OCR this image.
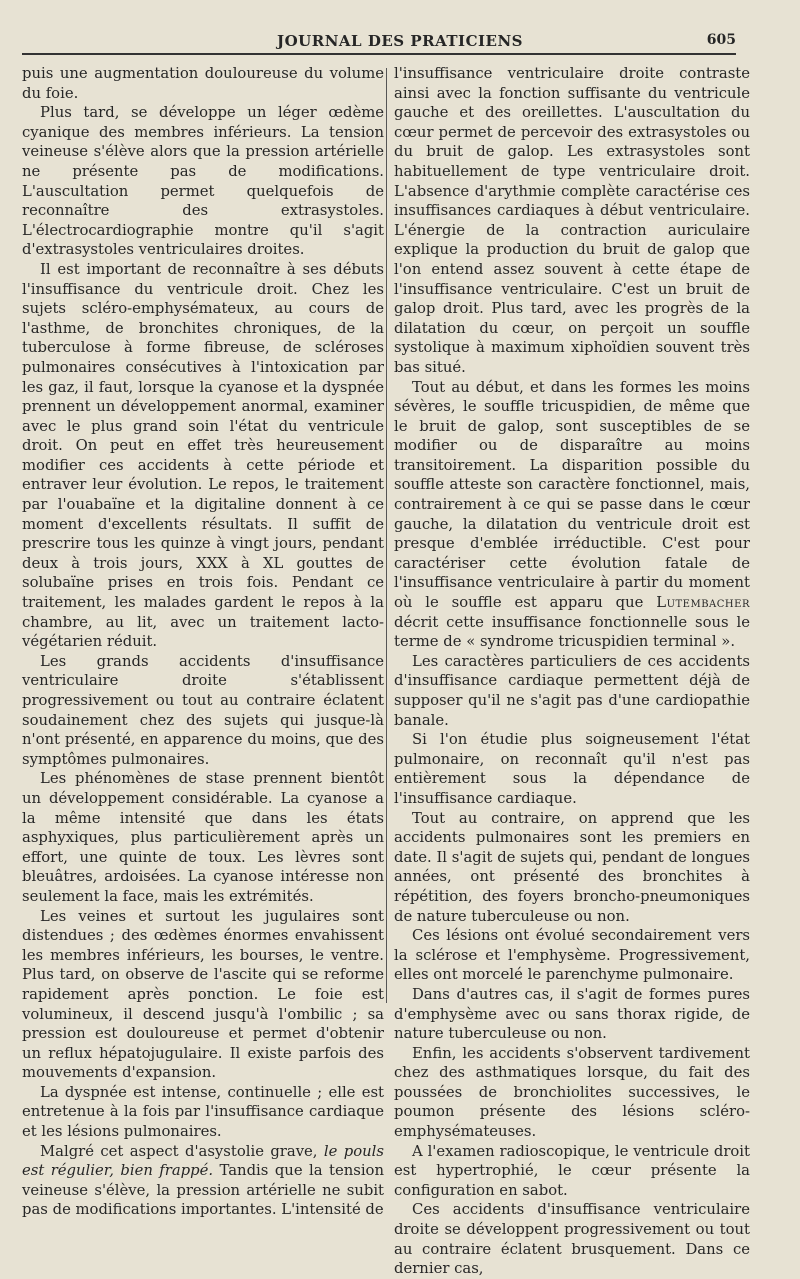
JOURNAL DES PRATICIENS	605

puis une augmentation douloureuse du volume du foie.

Plus tard, se développe un léger œdème cyanique des membres inférieurs. La tension veineuse s'élève alors que la pression artérielle ne présente pas de modifications. L'auscultation permet quelquefois de reconnaître des extrasystoles. L'électrocardiographie montre qu'il s'agit d'extrasystoles ventriculaires droites.

Il est important de reconnaître à ses débuts l'insuffisance du ventricule droit. Chez les sujets scléro-emphysémateux, au cours de l'asthme, de bronchites chroniques, de la tuberculose à forme fibreuse, de scléroses pulmonaires consécutives à l'intoxication par les gaz, il faut, lorsque la cyanose et la dyspnée prennent un développement anormal, examiner avec le plus grand soin l'état du ventricule droit. On peut en effet très heureusement modifier ces accidents à cette période et entraver leur évolution. Le repos, le traitement par l'ouabaïne et la digitaline donnent à ce moment d'excellents résultats. Il suffit de prescrire tous les quinze à vingt jours, pendant deux à trois jours, XXX à XL gouttes de solubaïne prises en trois fois. Pendant ce traitement, les malades gardent le repos à la chambre, au lit, avec un traitement lacto-végétarien réduit.

Les grands accidents d'insuffisance ventriculaire droite s'établissent progressivement ou tout au contraire éclatent soudainement chez des sujets qui jusque-là n'ont présenté, en apparence du moins, que des symptômes pulmonaires.

Les phénomènes de stase prennent bientôt un développement considérable. La cyanose a la même intensité que dans les états asphyxiques, plus particulièrement après un effort, une quinte de toux. Les lèvres sont bleuâtres, ardoisées. La cyanose intéresse non seulement la face, mais les extrémités.

Les veines et surtout les jugulaires sont distendues ; des œdèmes énormes envahissent les membres inférieurs, les bourses, le ventre. Plus tard, on observe de l'ascite qui se reforme rapidement après ponction. Le foie est volumineux, il descend jusqu'à l'ombilic ; sa pression est douloureuse et permet d'obtenir un reflux hépatojugulaire. Il existe parfois des mouvements d'expansion.

La dyspnée est intense, continuelle ; elle est entretenue à la fois par l'insuffisance cardiaque et les lésions pulmonaires.

Malgré cet aspect d'asystolie grave, le pouls est régulier, bien frappé. Tandis que la tension veineuse s'élève, la pression artérielle ne subit pas de modifications importantes. L'intensité de

l'insuffisance ventriculaire droite contraste ainsi avec la fonction suffisante du ventricule gauche et des oreillettes. L'auscultation du cœur permet de percevoir des extrasystoles ou du bruit de galop. Les extrasystoles sont habituellement de type ventriculaire droit. L'absence d'arythmie complète caractérise ces insuffisances cardiaques à début ventriculaire. L'énergie de la contraction auriculaire explique la production du bruit de galop que l'on entend assez souvent à cette étape de l'insuffisance ventriculaire. C'est un bruit de galop droit. Plus tard, avec les progrès de la dilatation du cœur, on perçoit un souffle systolique à maximum xiphoïdien souvent très bas situé.

Tout au début, et dans les formes les moins sévères, le souffle tricuspidien, de même que le bruit de galop, sont susceptibles de se modifier ou de disparaître au moins transitoirement. La disparition possible du souffle atteste son caractère fonctionnel, mais, contrairement à ce qui se passe dans le cœur gauche, la dilatation du ventricule droit est presque d'emblée irréductible. C'est pour caractériser cette évolution fatale de l'insuffisance ventriculaire à partir du moment où le souffle est apparu que Lutembacher décrit cette insuffisance fonctionnelle sous le terme de « syndrome tricuspidien terminal ».

Les caractères particuliers de ces accidents d'insuffisance cardiaque permettent déjà de supposer qu'il ne s'agit pas d'une cardiopathie banale.

Si l'on étudie plus soigneusement l'état pulmonaire, on reconnaît qu'il n'est pas entièrement sous la dépendance de l'insuffisance cardiaque.

Tout au contraire, on apprend que les accidents pulmonaires sont les premiers en date. Il s'agit de sujets qui, pendant de longues années, ont présenté des bronchites à répétition, des foyers broncho-pneumoniques de nature tuberculeuse ou non.

Ces lésions ont évolué secondairement vers la sclérose et l'emphysème. Progressivement, elles ont morcelé le parenchyme pulmonaire.

Dans d'autres cas, il s'agit de formes pures d'emphysème avec ou sans thorax rigide, de nature tuberculeuse ou non.

Enfin, les accidents s'observent tardivement chez des asthmatiques lorsque, du fait des poussées de bronchiolites successives, le poumon présente des lésions scléro-emphysémateuses.

A l'examen radioscopique, le ventricule droit est hypertrophié, le cœur présente la configuration en sabot.

Ces accidents d'insuffisance ventriculaire droite se développent progressivement ou tout au contraire éclatent brusquement. Dans ce dernier cas,
